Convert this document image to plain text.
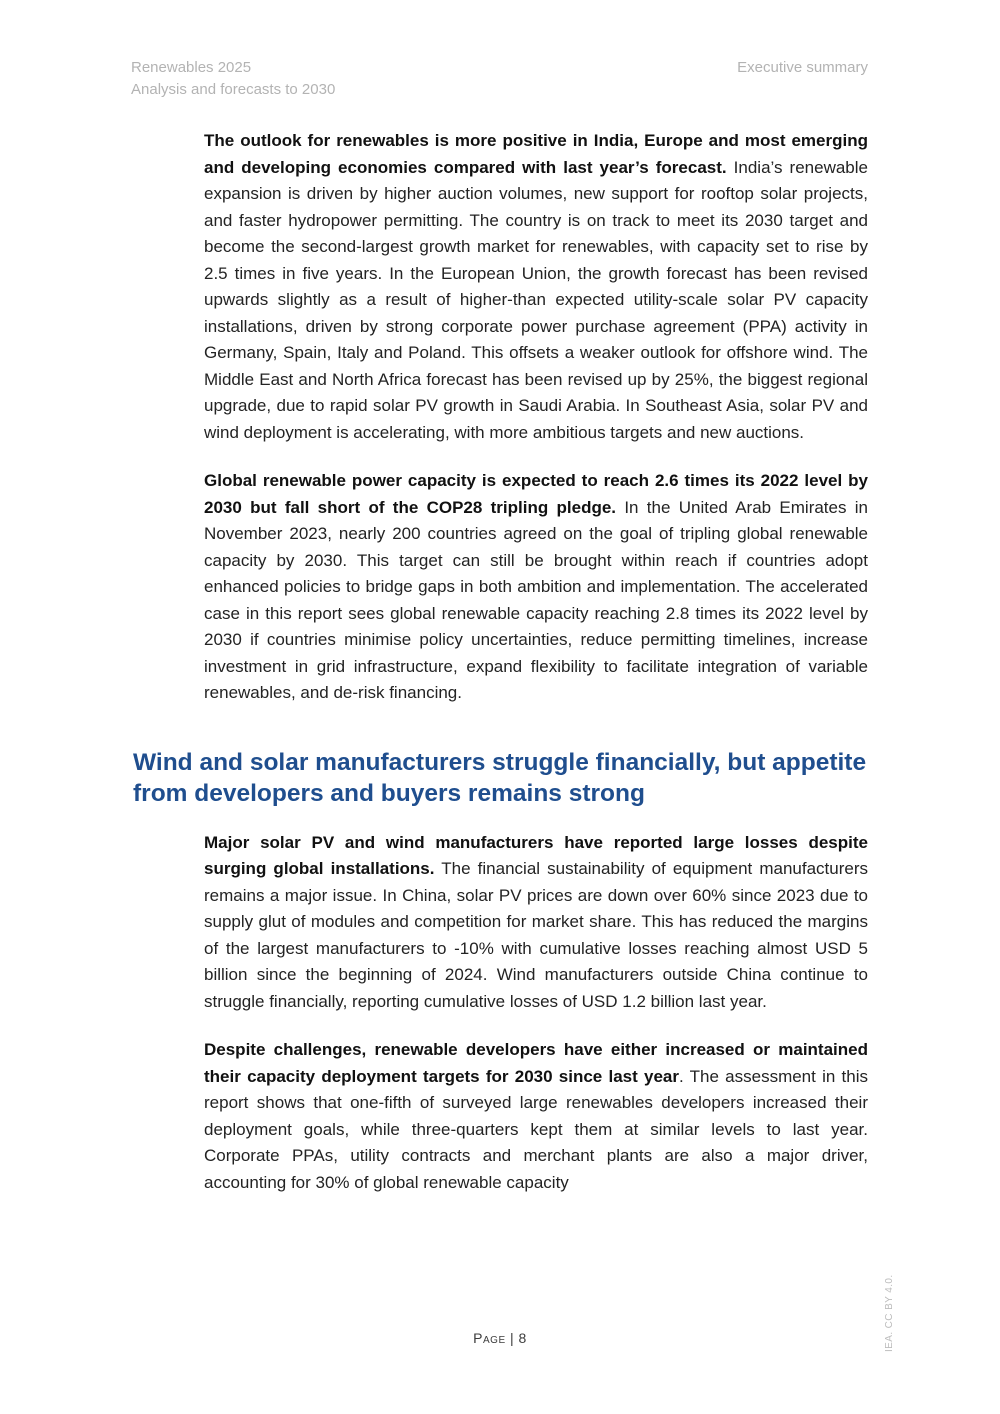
Renewables 2025
Analysis and forecasts to 2030
Executive summary

The outlook for renewables is more positive in India, Europe and most emerging and developing economies compared with last year’s forecast. India’s renewable expansion is driven by higher auction volumes, new support for rooftop solar projects, and faster hydropower permitting. The country is on track to meet its 2030 target and become the second-largest growth market for renewables, with capacity set to rise by 2.5 times in five years. In the European Union, the growth forecast has been revised upwards slightly as a result of higher-than expected utility-scale solar PV capacity installations, driven by strong corporate power purchase agreement (PPA) activity in Germany, Spain, Italy and Poland. This offsets a weaker outlook for offshore wind. The Middle East and North Africa forecast has been revised up by 25%, the biggest regional upgrade, due to rapid solar PV growth in Saudi Arabia. In Southeast Asia, solar PV and wind deployment is accelerating, with more ambitious targets and new auctions.

Global renewable power capacity is expected to reach 2.6 times its 2022 level by 2030 but fall short of the COP28 tripling pledge. In the United Arab Emirates in November 2023, nearly 200 countries agreed on the goal of tripling global renewable capacity by 2030. This target can still be brought within reach if countries adopt enhanced policies to bridge gaps in both ambition and implementation. The accelerated case in this report sees global renewable capacity reaching 2.8 times its 2022 level by 2030 if countries minimise policy uncertainties, reduce permitting timelines, increase investment in grid infrastructure, expand flexibility to facilitate integration of variable renewables, and de-risk financing.

Wind and solar manufacturers struggle financially, but appetite from developers and buyers remains strong

Major solar PV and wind manufacturers have reported large losses despite surging global installations. The financial sustainability of equipment manufacturers remains a major issue. In China, solar PV prices are down over 60% since 2023 due to supply glut of modules and competition for market share. This has reduced the margins of the largest manufacturers to -10% with cumulative losses reaching almost USD 5 billion since the beginning of 2024. Wind manufacturers outside China continue to struggle financially, reporting cumulative losses of USD 1.2 billion last year.

Despite challenges, renewable developers have either increased or maintained their capacity deployment targets for 2030 since last year. The assessment in this report shows that one-fifth of surveyed large renewables developers increased their deployment goals, while three-quarters kept them at similar levels to last year. Corporate PPAs, utility contracts and merchant plants are also a major driver, accounting for 30% of global renewable capacity

Page | 8	IEA. CC BY 4.0.
